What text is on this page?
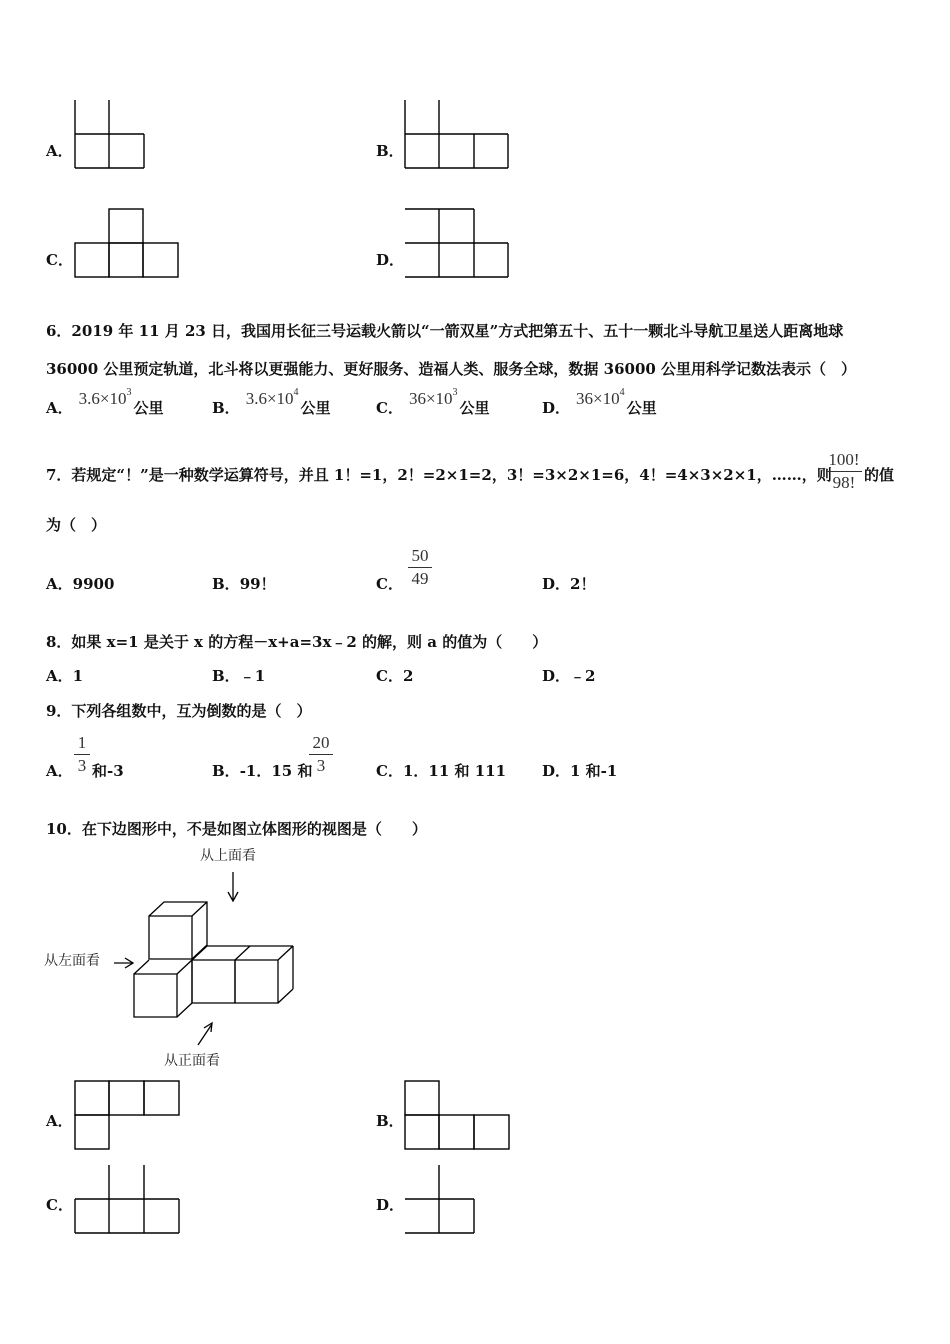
A．	B．
C．	D．
6．2019 年 11 月 23 日，我国用长征三号运载火箭以“一箭双星”方式把第五十、五十一颗北斗导航卫星送人距离地球
36000 公里预定轨道，北斗将以更强能力、更好服务、造福人类、服务全球，数据 36000 公里用科学记数法表示（　）
A． $3.6\times 10^3$公里	B． $3.6\times 10^4$公里	C． $36\times 10^3$公里	D． $36\times 10^4$公里
7．若规定“！”是一种数学运算符号，并且 1！=1，2！=2×1=2，3！=3×2×1=6，4！=4×3×2×1，……，则
100!
98! 的值
为（　）
A．9900	B．99！	C．
50
49	D．2！
8．如果 x=1 是关于 x 的方程－x+a=3x﹣2 的解，则 a 的值为（　　）
A．1	B．﹣1	C．2	D．﹣2
9．下列各组数中，互为倒数的是（　）
A．
1
3 和-3	B．-1．15 和
20
3	C．1．11 和 111 D．1 和-1
10．在下边图形中，不是如图立体图形的视图是（　　）
从上面看
从左面看
从正面看
A．	B．
C．	D．
